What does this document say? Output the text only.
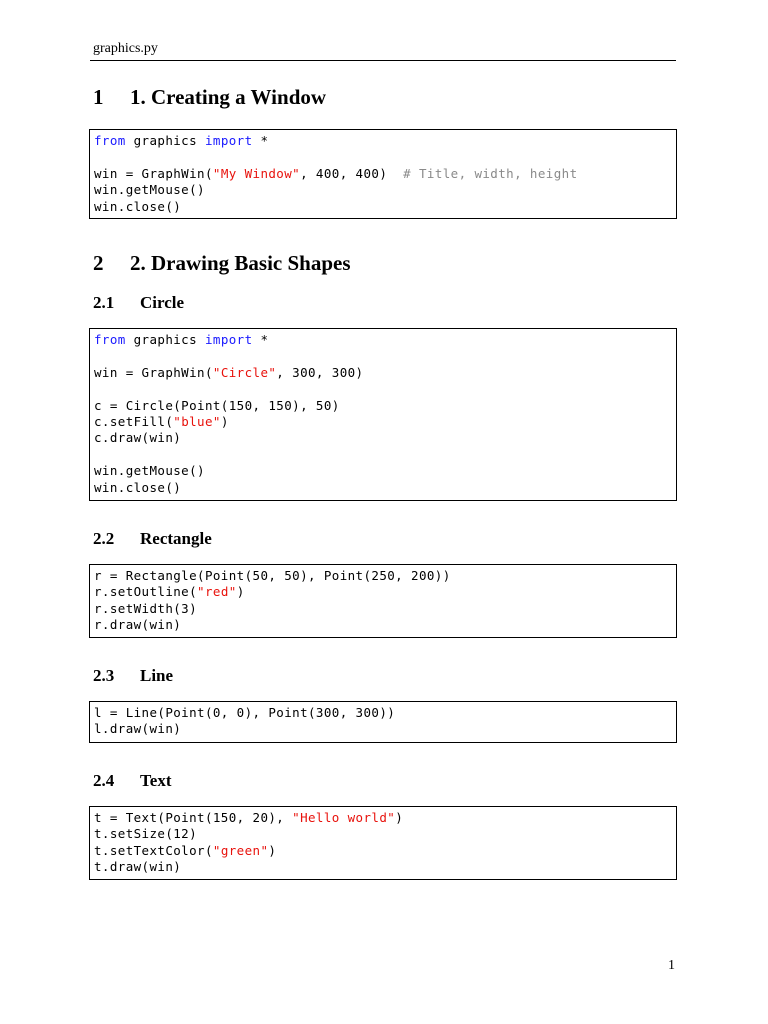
graphics.py
1 1. Creating a Window
from graphics import *
win = GraphWin("My Window", 400, 400)  # Title, width, height
win.getMouse()
win.close()
2 2. Drawing Basic Shapes
2.1 Circle
from graphics import *
win = GraphWin("Circle", 300, 300)
c = Circle(Point(150, 150), 50)
c.setFill("blue")
c.draw(win)
win.getMouse()
win.close()
2.2 Rectangle
r = Rectangle(Point(50, 50), Point(250, 200))
r.setOutline("red")
r.setWidth(3)
r.draw(win)
2.3 Line
l = Line(Point(0, 0), Point(300, 300))
l.draw(win)
2.4 Text
t = Text(Point(150, 20), "Hello world")
t.setSize(12)
t.setTextColor("green")
t.draw(win)
1
